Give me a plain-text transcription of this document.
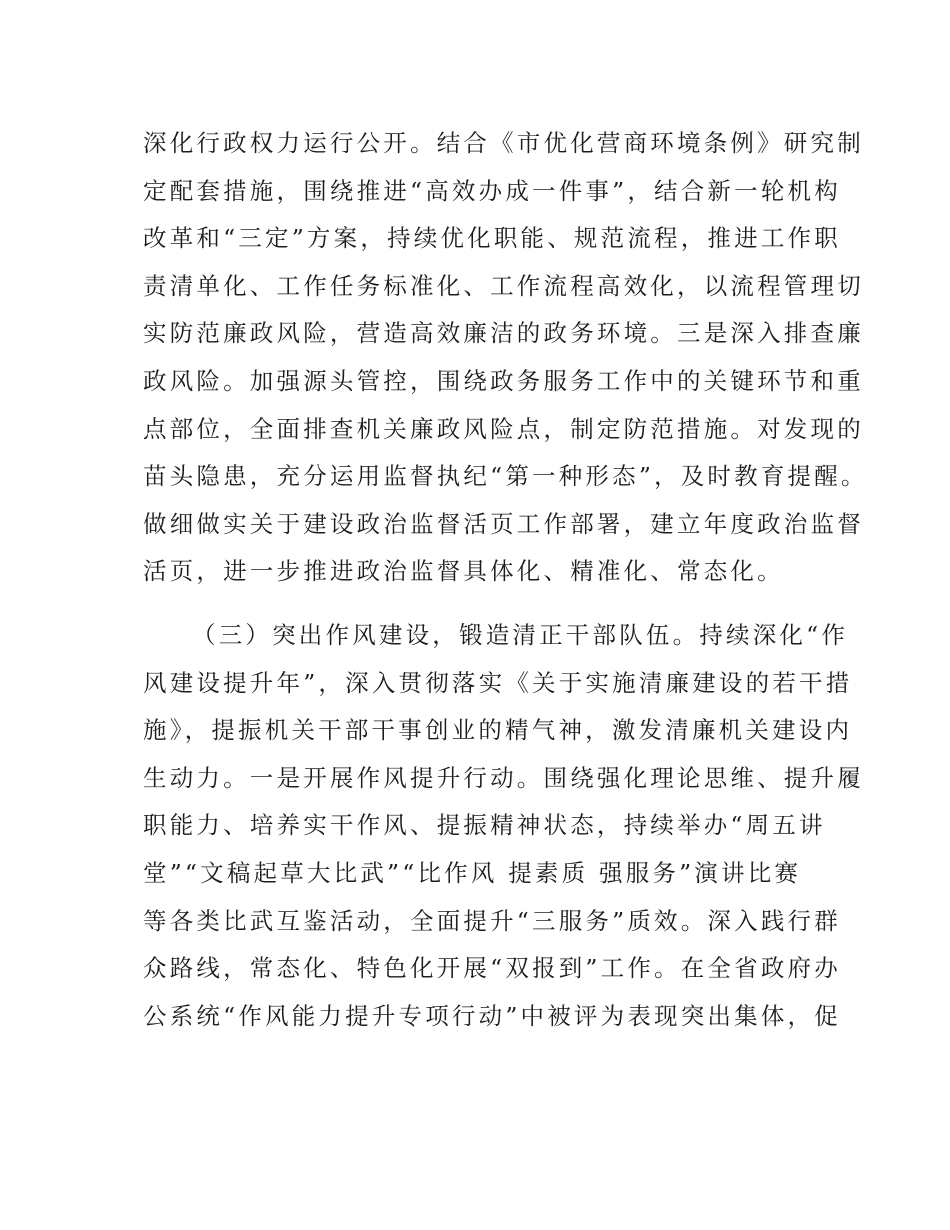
深化行政权力运行公开。结合《市优化营商环境条例》研究制
定配套措施，围绕推进“高效办成一件事”，结合新一轮机构
改革和“三定”方案，持续优化职能、规范流程，推进工作职
责清单化、工作任务标准化、工作流程高效化，以流程管理切
实防范廉政风险，营造高效廉洁的政务环境。三是深入排查廉
政风险。加强源头管控，围绕政务服务工作中的关键环节和重
点部位，全面排查机关廉政风险点，制定防范措施。对发现的
苗头隐患，充分运用监督执纪“第一种形态”，及时教育提醒。
做细做实关于建设政治监督活页工作部署，建立年度政治监督
活页，进一步推进政治监督具体化、精准化、常态化。
（三）突出作风建设，锻造清正干部队伍。持续深化“作
风建设提升年”，深入贯彻落实《关于实施清廉建设的若干措
施》，提振机关干部干事创业的精气神，激发清廉机关建设内
生动力。一是开展作风提升行动。围绕强化理论思维、提升履
职能力、培养实干作风、提振精神状态，持续举办“周五讲
堂”“文稿起草大比武”“比作风 提素质 强服务”演讲比赛
等各类比武互鉴活动，全面提升“三服务”质效。深入践行群
众路线，常态化、特色化开展“双报到”工作。在全省政府办
公系统“作风能力提升专项行动”中被评为表现突出集体，促
